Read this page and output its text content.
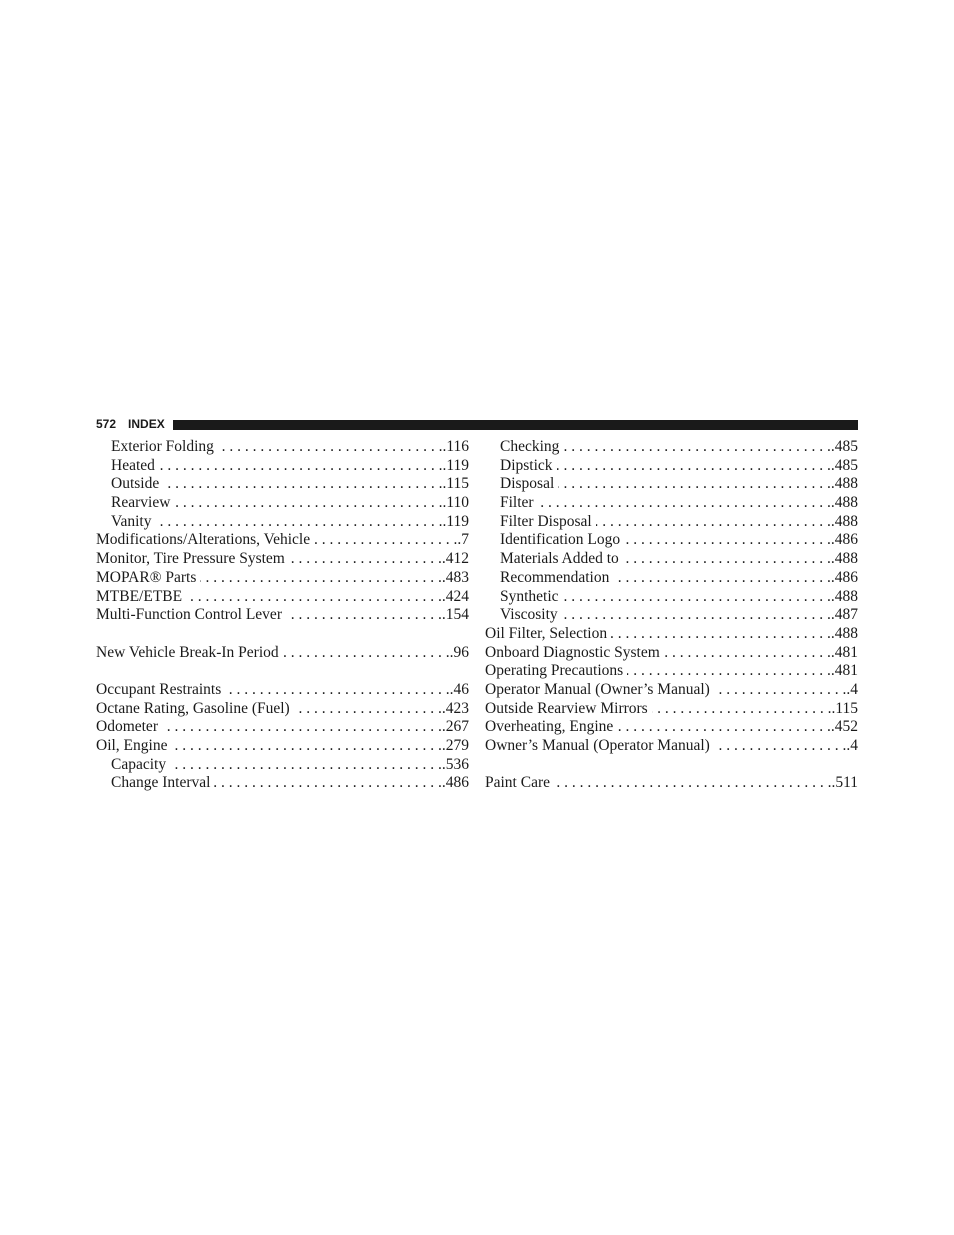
572 INDEX
Exterior Folding . . .	.116
Heated . . .	.119
Outside . . .	.115
Rearview . . .	.110
Vanity . . .	.119
Modifications/Alterations, Vehicle . . .	.7
Monitor, Tire Pressure System . . .	.412
MOPAR® Parts . . .	.483
MTBE/ETBE . . .	.424
Multi-Function Control Lever . . .	.154
New Vehicle Break-In Period . . .	.96
Occupant Restraints . . .	.46
Octane Rating, Gasoline (Fuel) . . .	.423
Odometer . . .	.267
Oil, Engine . . .	.279
Capacity . . .	.536
Change Interval . . .	.486
Checking . . .	.485
Dipstick . . .	.485
Disposal . . .	.488
Filter . . .	.488
Filter Disposal . . .	.488
Identification Logo . . .	.486
Materials Added to . . .	.488
Recommendation . . .	.486
Synthetic . . .	.488
Viscosity . . .	.487
Oil Filter, Selection . . .	.488
Onboard Diagnostic System . . .	.481
Operating Precautions . . .	.481
Operator Manual (Owner’s Manual) . . .	.4
Outside Rearview Mirrors . . .	.115
Overheating, Engine . . .	.452
Owner’s Manual (Operator Manual) . . .	.4
Paint Care . . .	.511
